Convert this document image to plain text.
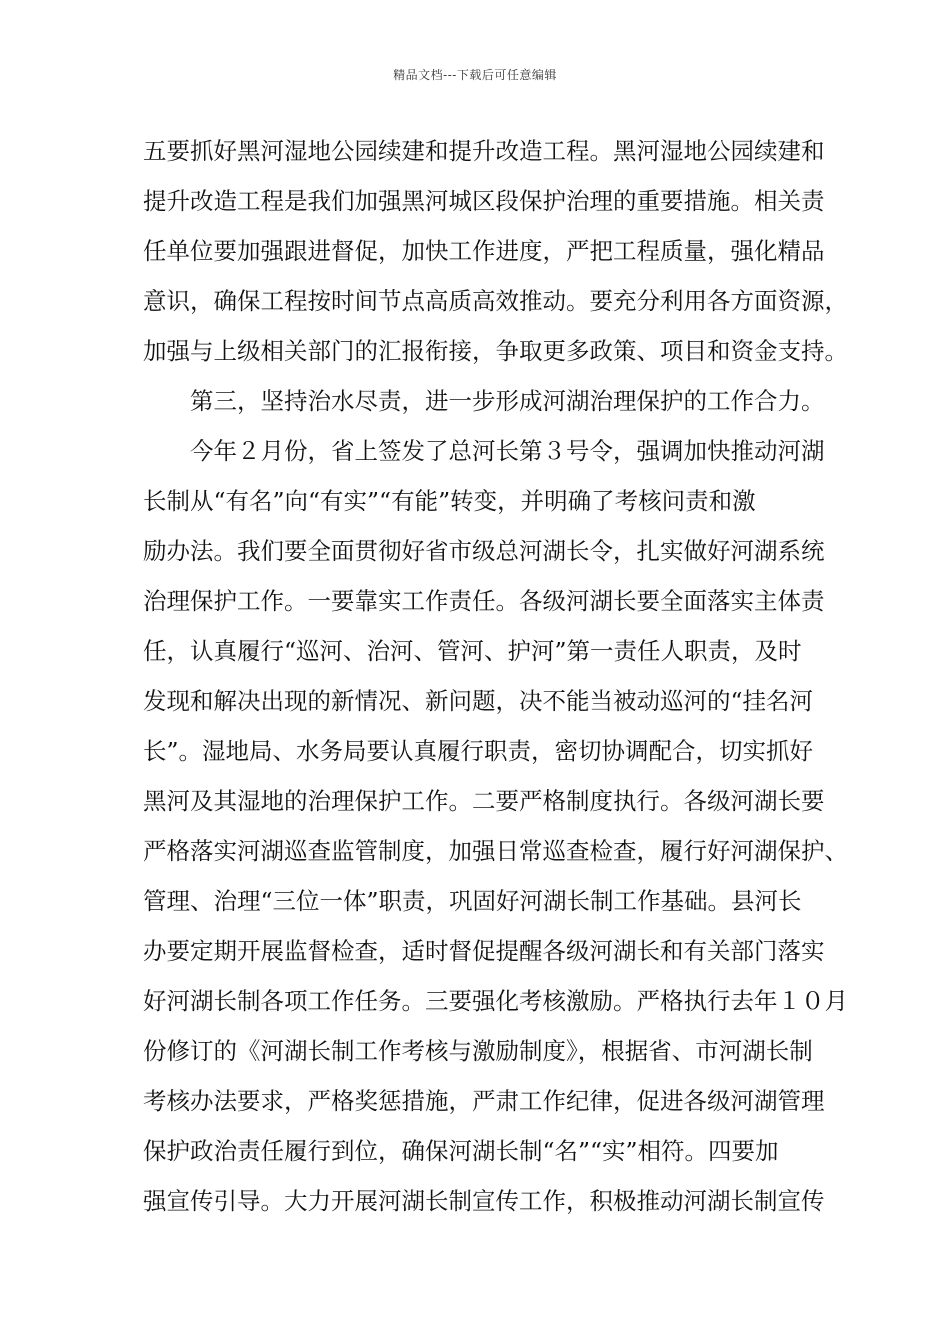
精品文档---下载后可任意编辑
五要抓好黑河湿地公园续建和提升改造工程。黑河湿地公园续建和
提升改造工程是我们加强黑河城区段保护治理的重要措施。相关责
任单位要加强跟进督促，加快工作进度，严把工程质量，强化精品
意识，确保工程按时间节点高质高效推动。要充分利用各方面资源，
加强与上级相关部门的汇报衔接，争取更多政策、项目和资金支持。
　　第三，坚持治水尽责，进一步形成河湖治理保护的工作合力。
　　今年２月份，省上签发了总河长第３号令，强调加快推动河湖
长制从“有名”向“有实”“有能”转变，并明确了考核问责和激
励办法。我们要全面贯彻好省市级总河湖长令，扎实做好河湖系统
治理保护工作。一要靠实工作责任。各级河湖长要全面落实主体责
任，认真履行“巡河、治河、管河、护河”第一责任人职责，及时
发现和解决出现的新情况、新问题，决不能当被动巡河的“挂名河
长”。湿地局、水务局要认真履行职责，密切协调配合，切实抓好
黑河及其湿地的治理保护工作。二要严格制度执行。各级河湖长要
严格落实河湖巡查监管制度，加强日常巡查检查，履行好河湖保护、
管理、治理“三位一体”职责，巩固好河湖长制工作基础。县河长
办要定期开展监督检查，适时督促提醒各级河湖长和有关部门落实
好河湖长制各项工作任务。三要强化考核激励。严格执行去年１０月
份修订的《河湖长制工作考核与激励制度》，根据省、市河湖长制
考核办法要求，严格奖惩措施，严肃工作纪律，促进各级河湖管理
保护政治责任履行到位，确保河湖长制“名”“实”相符。四要加
强宣传引导。大力开展河湖长制宣传工作，积极推动河湖长制宣传
